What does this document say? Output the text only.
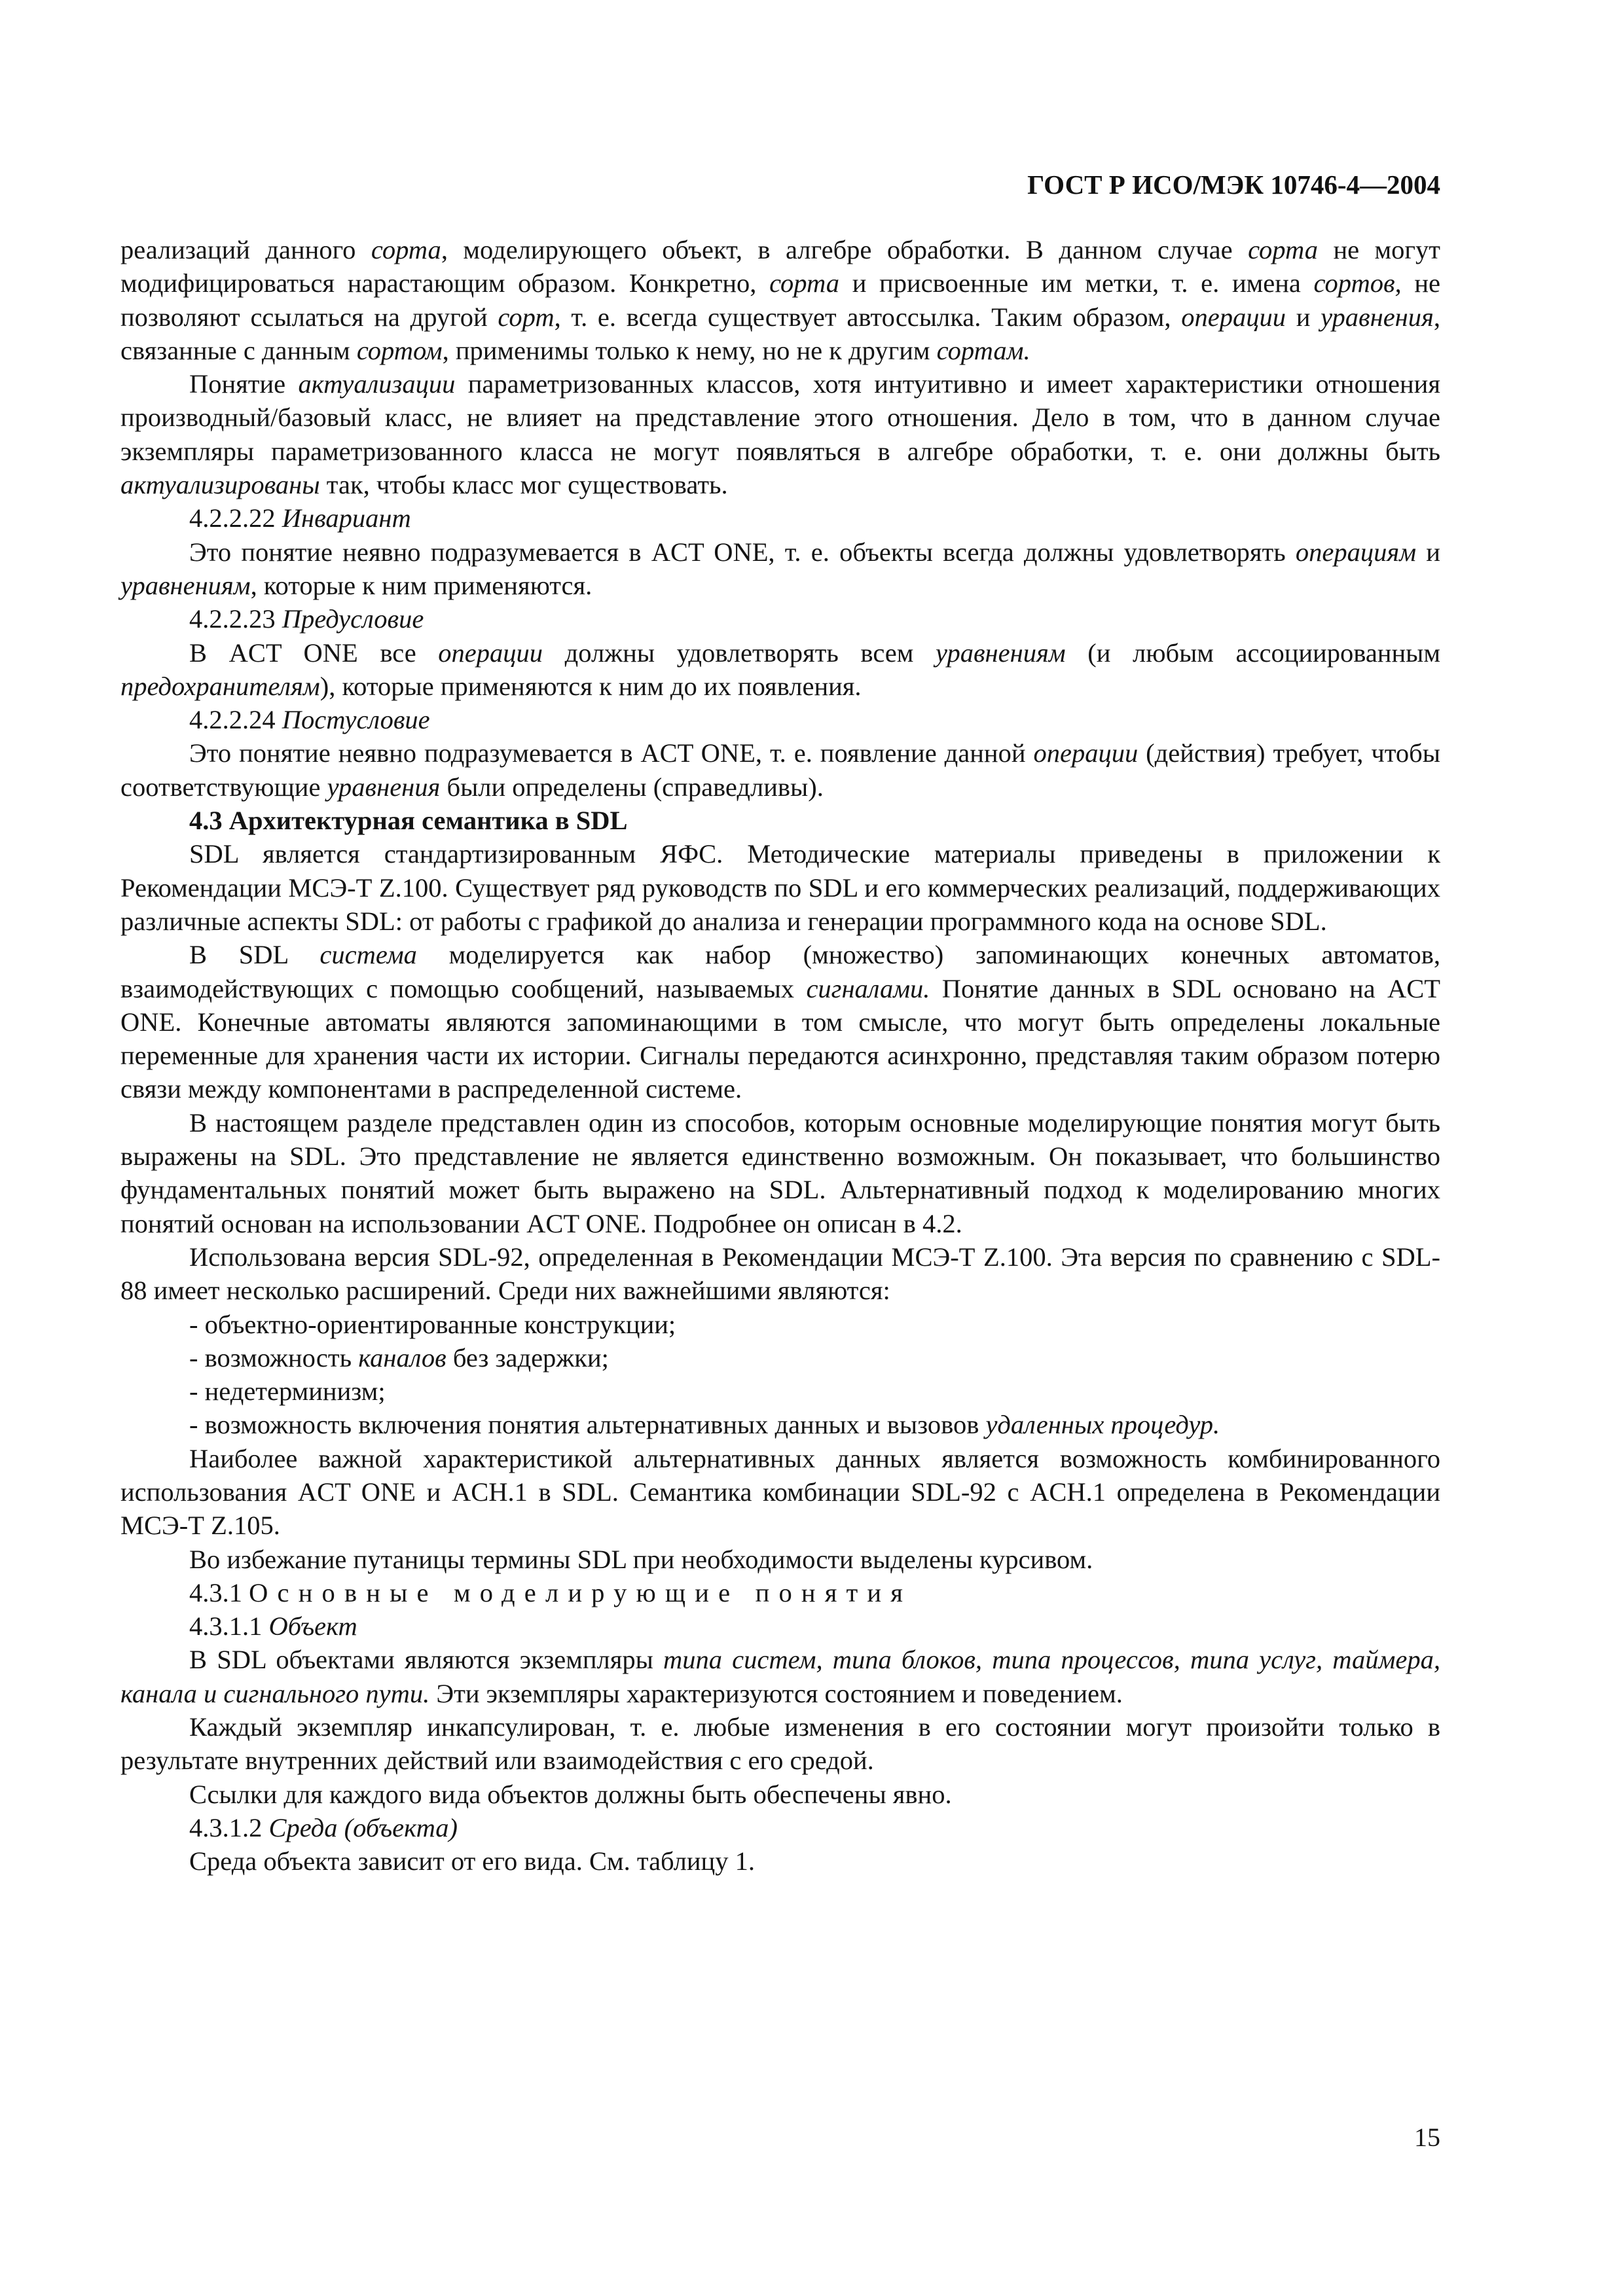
ГОСТ Р ИСО/МЭК 10746-4—2004

реализаций данного сорта, моделирующего объект, в алгебре обработки. В данном случае сорта не могут модифицироваться нарастающим образом. Конкретно, сорта и присвоенные им метки, т. е. имена сортов, не позволяют ссылаться на другой сорт, т. е. всегда существует автоссылка. Таким образом, операции и уравнения, связанные с данным сортом, применимы только к нему, но не к другим сортам.

Понятие актуализации параметризованных классов, хотя интуитивно и имеет характеристики отношения производный/базовый класс, не влияет на представление этого отношения. Дело в том, что в данном случае экземпляры параметризованного класса не могут появляться в алгебре обработки, т. е. они должны быть актуализированы так, чтобы класс мог существовать.

4.2.2.22 Инвариант

Это понятие неявно подразумевается в ACT ONE, т. е. объекты всегда должны удовлетворять операциям и уравнениям, которые к ним применяются.

4.2.2.23 Предусловие

В ACT ONE все операции должны удовлетворять всем уравнениям (и любым ассоциированным предохранителям), которые применяются к ним до их появления.

4.2.2.24 Постусловие

Это понятие неявно подразумевается в ACT ONE, т. е. появление данной операции (действия) требует, чтобы соответствующие уравнения были определены (справедливы).

4.3 Архитектурная семантика в SDL

SDL является стандартизированным ЯФС. Методические материалы приведены в приложении к Рекомендации МСЭ-Т Z.100. Существует ряд руководств по SDL и его коммерческих реализаций, поддерживающих различные аспекты SDL: от работы с графикой до анализа и генерации программного кода на основе SDL.

В SDL система моделируется как набор (множество) запоминающих конечных автоматов, взаимодействующих с помощью сообщений, называемых сигналами. Понятие данных в SDL основано на ACT ONE. Конечные автоматы являются запоминающими в том смысле, что могут быть определены локальные переменные для хранения части их истории. Сигналы передаются асинхронно, представляя таким образом потерю связи между компонентами в распределенной системе.

В настоящем разделе представлен один из способов, которым основные моделирующие понятия могут быть выражены на SDL. Это представление не является единственно возможным. Он показывает, что большинство фундаментальных понятий может быть выражено на SDL. Альтернативный подход к моделированию многих понятий основан на использовании ACT ONE. Подробнее он описан в 4.2.

Использована версия SDL-92, определенная в Рекомендации МСЭ-Т Z.100. Эта версия по сравнению с SDL-88 имеет несколько расширений. Среди них важнейшими являются:

- объектно-ориентированные конструкции;

- возможность каналов без задержки;

- недетерминизм;

- возможность включения понятия альтернативных данных и вызовов удаленных процедур.

Наиболее важной характеристикой альтернативных данных является возможность комбинированного использования ACT ONE и ACH.1 в SDL. Семантика комбинации SDL-92 с ACH.1 определена в Рекомендации МСЭ-Т Z.105.

Во избежание путаницы термины SDL при необходимости выделены курсивом.

4.3.1 Основные моделирующие понятия

4.3.1.1 Объект

В SDL объектами являются экземпляры типа систем, типа блоков, типа процессов, типа услуг, таймера, канала и сигнального пути. Эти экземпляры характеризуются состоянием и поведением.

Каждый экземпляр инкапсулирован, т. е. любые изменения в его состоянии могут произойти только в результате внутренних действий или взаимодействия с его средой.

Ссылки для каждого вида объектов должны быть обеспечены явно.

4.3.1.2 Среда (объекта)

Среда объекта зависит от его вида. См. таблицу 1.

15
